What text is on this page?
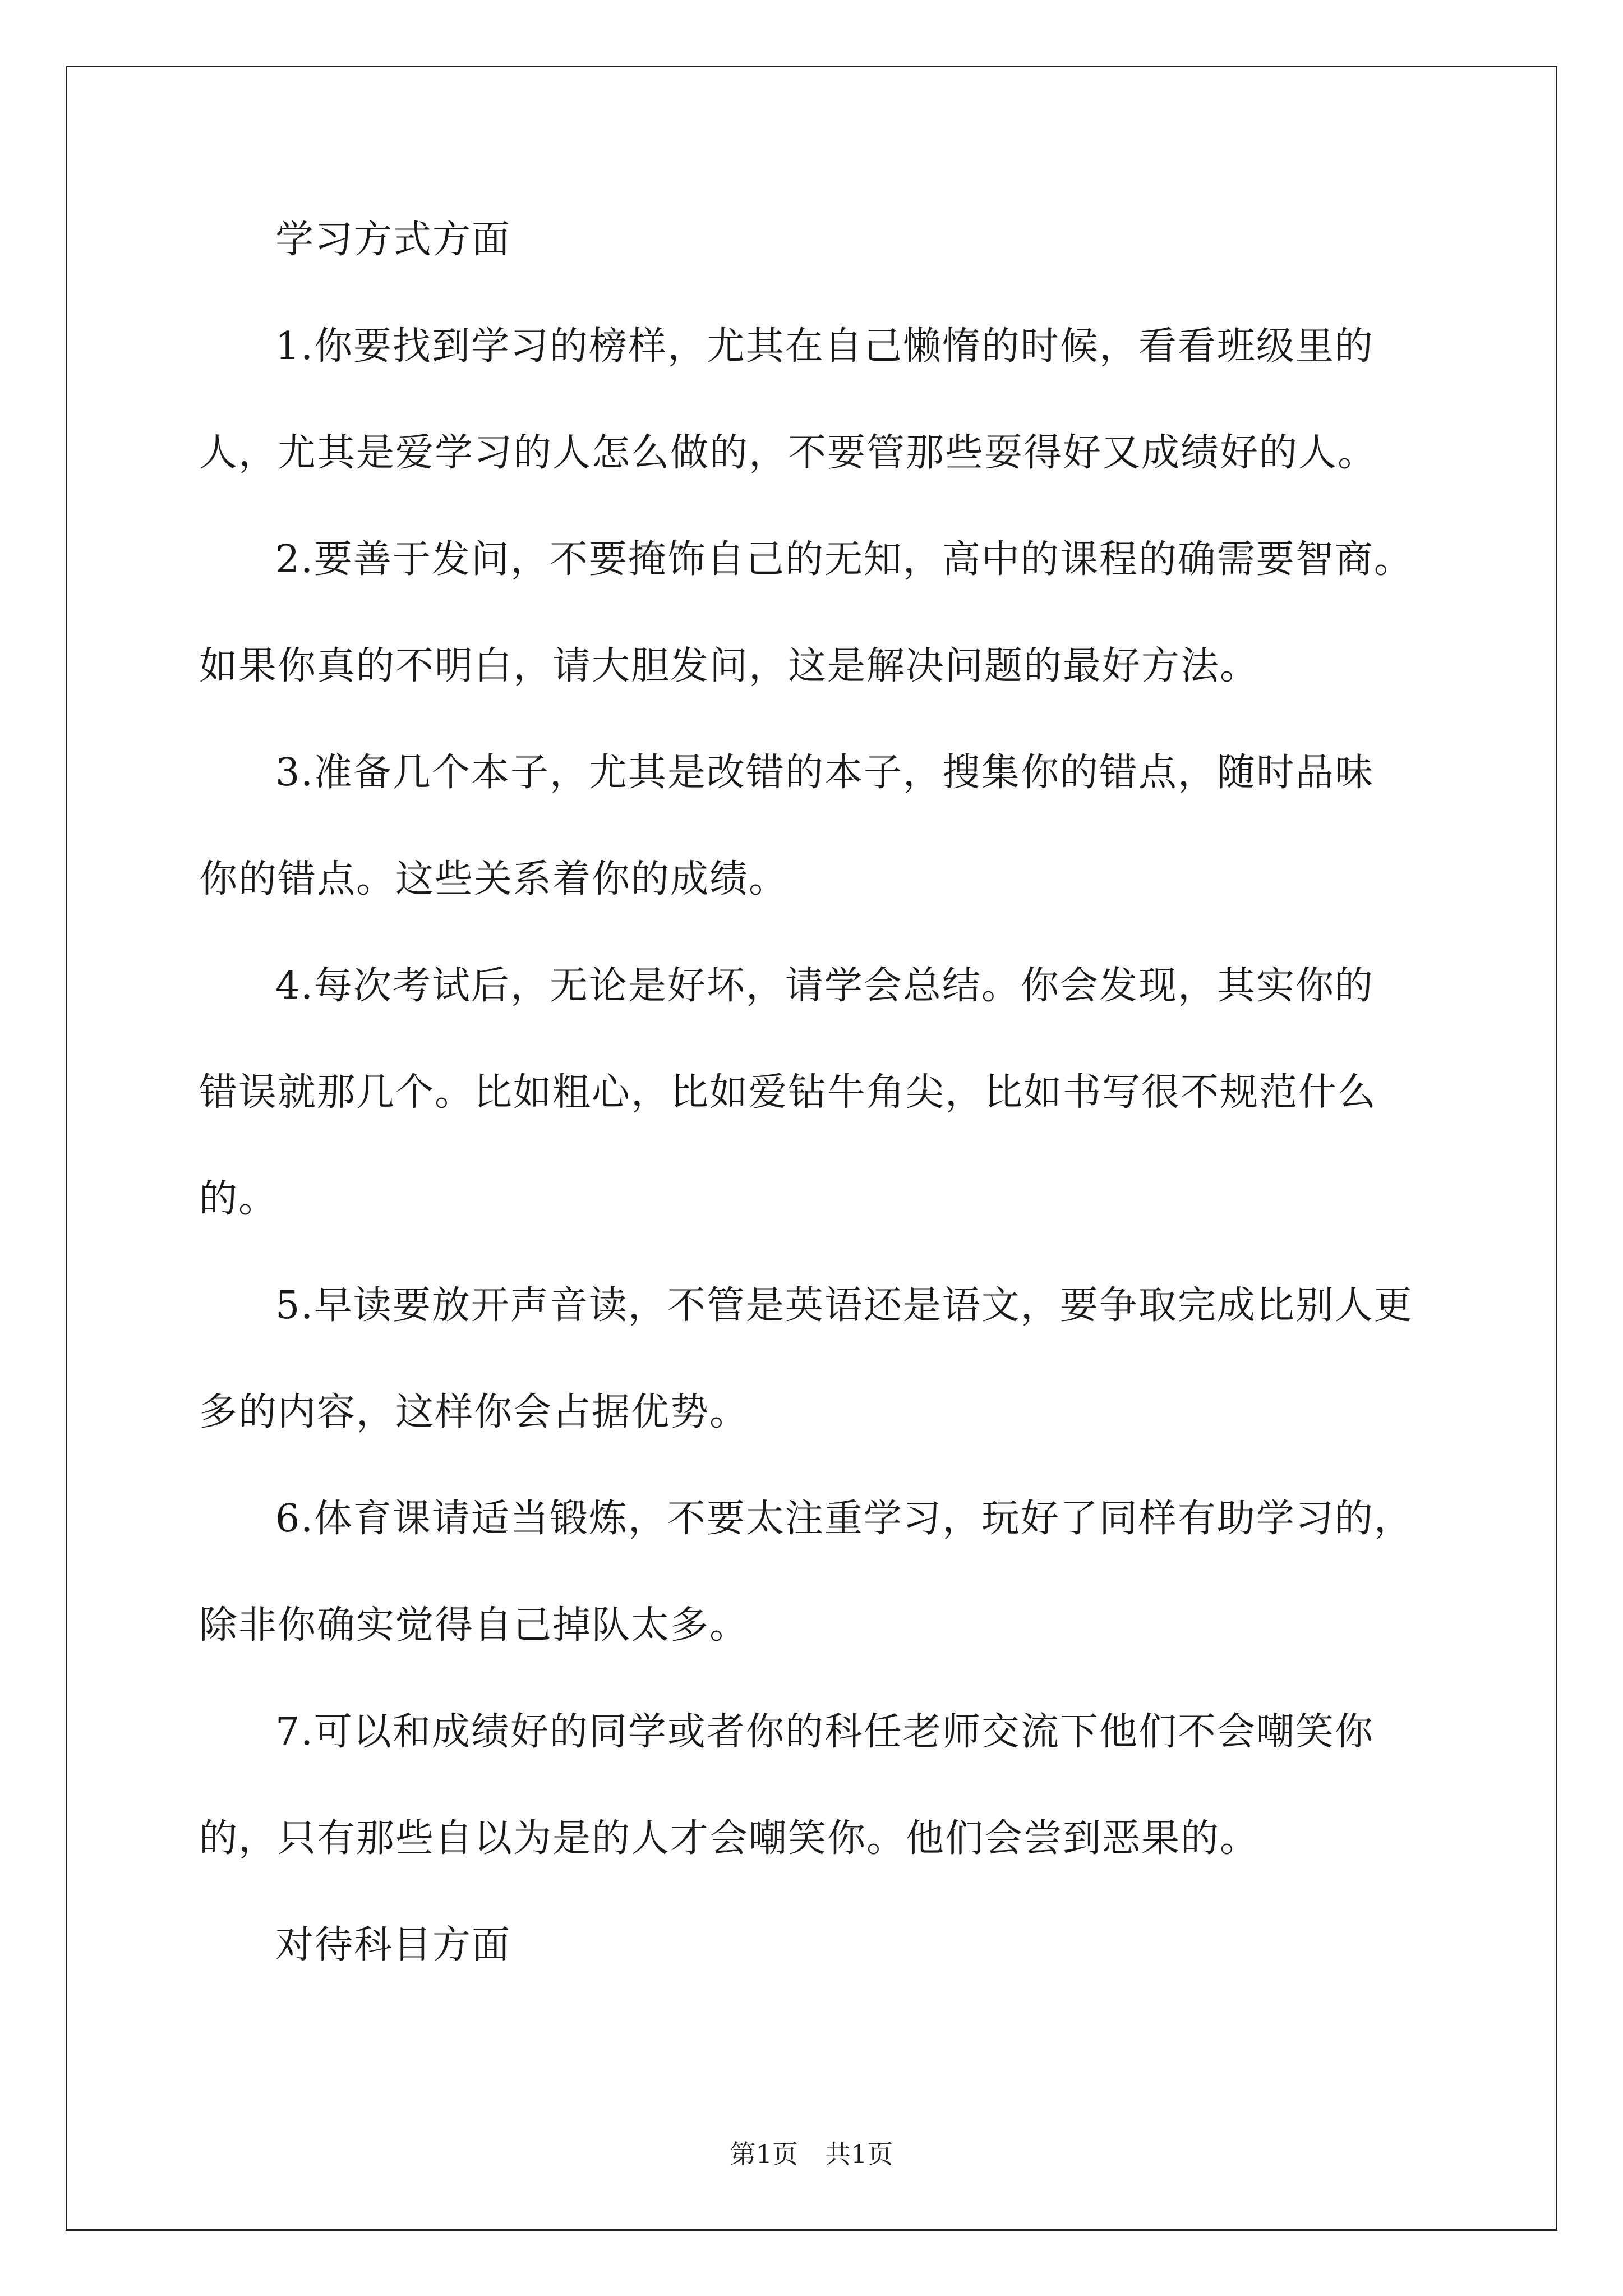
学习方式方面

1.你要找到学习的榜样，尤其在自己懒惰的时候，看看班级里的

人，尤其是爱学习的人怎么做的，不要管那些耍得好又成绩好的人。

2.要善于发问，不要掩饰自己的无知，高中的课程的确需要智商。

如果你真的不明白，请大胆发问，这是解决问题的最好方法。

3.准备几个本子，尤其是改错的本子，搜集你的错点，随时品味

你的错点。这些关系着你的成绩。

4.每次考试后，无论是好坏，请学会总结。你会发现，其实你的

错误就那几个。比如粗心，比如爱钻牛角尖，比如书写很不规范什么

的。

5.早读要放开声音读，不管是英语还是语文，要争取完成比别人更

多的内容，这样你会占据优势。

6.体育课请适当锻炼，不要太注重学习，玩好了同样有助学习的，

除非你确实觉得自己掉队太多。

7.可以和成绩好的同学或者你的科任老师交流下他们不会嘲笑你

的，只有那些自以为是的人才会嘲笑你。他们会尝到恶果的。

对待科目方面

第1页 共1页
